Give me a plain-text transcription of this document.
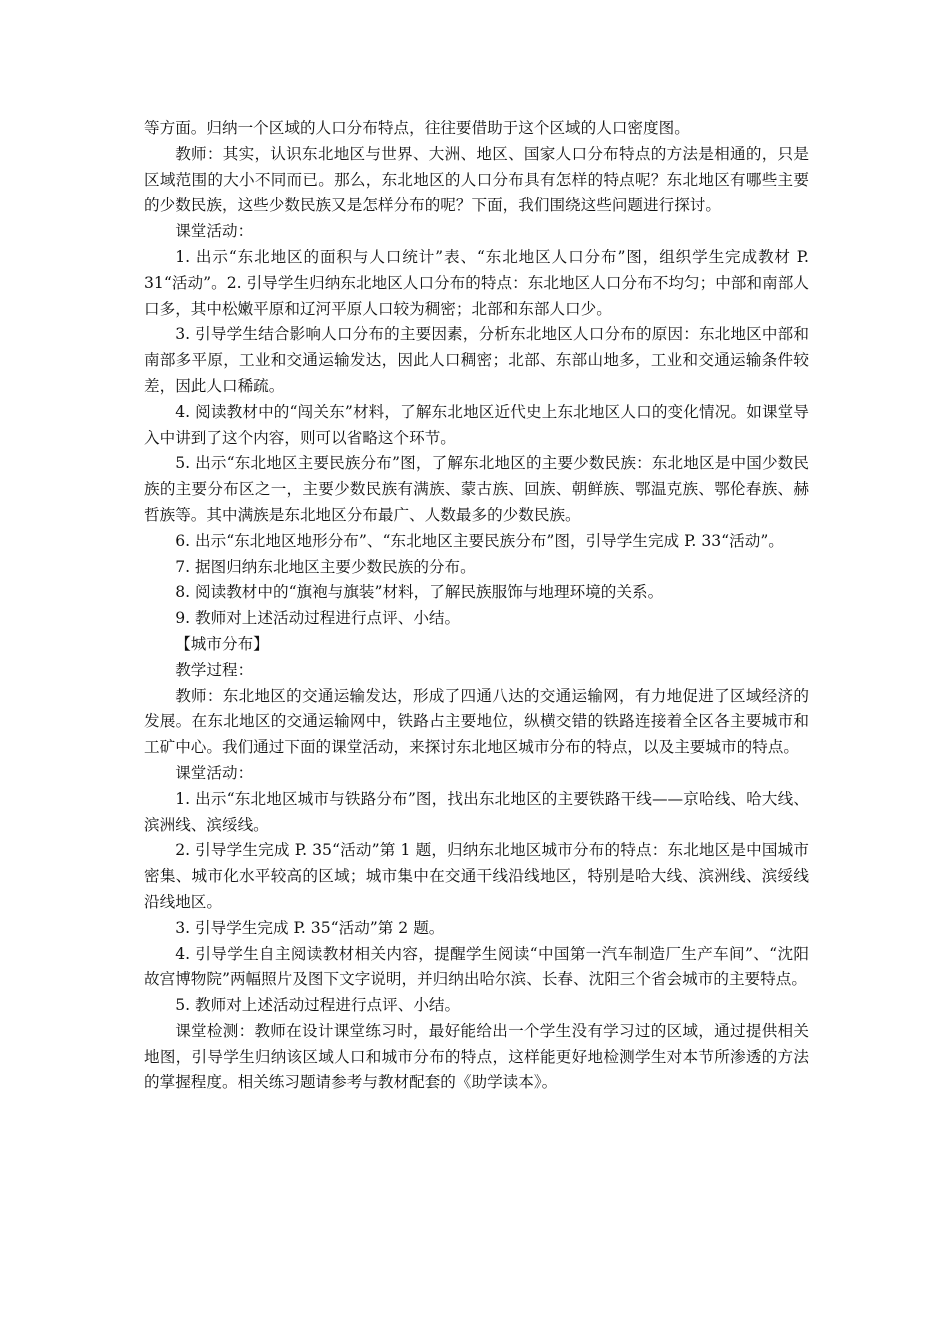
等方面。归纳一个区域的人口分布特点，往往要借助于这个区域的人口密度图。

教师：其实，认识东北地区与世界、大洲、地区、国家人口分布特点的方法是相通的，只是区域范围的大小不同而已。那么，东北地区的人口分布具有怎样的特点呢？东北地区有哪些主要的少数民族，这些少数民族又是怎样分布的呢？下面，我们围绕这些问题进行探讨。

课堂活动：

1. 出示“东北地区的面积与人口统计”表、“东北地区人口分布”图，组织学生完成教材 P. 31“活动”。2. 引导学生归纳东北地区人口分布的特点：东北地区人口分布不均匀；中部和南部人口多，其中松嫩平原和辽河平原人口较为稠密；北部和东部人口少。

3. 引导学生结合影响人口分布的主要因素，分析东北地区人口分布的原因：东北地区中部和南部多平原，工业和交通运输发达，因此人口稠密；北部、东部山地多，工业和交通运输条件较差，因此人口稀疏。

4. 阅读教材中的“闯关东”材料，了解东北地区近代史上东北地区人口的变化情况。如课堂导入中讲到了这个内容，则可以省略这个环节。

5. 出示“东北地区主要民族分布”图，了解东北地区的主要少数民族：东北地区是中国少数民族的主要分布区之一，主要少数民族有满族、蒙古族、回族、朝鲜族、鄂温克族、鄂伦春族、赫哲族等。其中满族是东北地区分布最广、人数最多的少数民族。

6. 出示“东北地区地形分布”、“东北地区主要民族分布”图，引导学生完成 P. 33“活动”。

7. 据图归纳东北地区主要少数民族的分布。

8. 阅读教材中的“旗袍与旗装”材料，了解民族服饰与地理环境的关系。

9. 教师对上述活动过程进行点评、小结。

【城市分布】

教学过程：

教师：东北地区的交通运输发达，形成了四通八达的交通运输网，有力地促进了区域经济的发展。在东北地区的交通运输网中，铁路占主要地位，纵横交错的铁路连接着全区各主要城市和工矿中心。我们通过下面的课堂活动，来探讨东北地区城市分布的特点，以及主要城市的特点。

课堂活动：

1. 出示“东北地区城市与铁路分布”图，找出东北地区的主要铁路干线——京哈线、哈大线、滨洲线、滨绥线。

2. 引导学生完成 P. 35“活动”第 1 题，归纳东北地区城市分布的特点：东北地区是中国城市密集、城市化水平较高的区域；城市集中在交通干线沿线地区，特别是哈大线、滨洲线、滨绥线沿线地区。

3. 引导学生完成 P. 35“活动”第 2 题。

4. 引导学生自主阅读教材相关内容，提醒学生阅读“中国第一汽车制造厂生产车间”、“沈阳故宫博物院”两幅照片及图下文字说明，并归纳出哈尔滨、长春、沈阳三个省会城市的主要特点。

5. 教师对上述活动过程进行点评、小结。

课堂检测：教师在设计课堂练习时，最好能给出一个学生没有学习过的区域，通过提供相关地图，引导学生归纳该区域人口和城市分布的特点，这样能更好地检测学生对本节所渗透的方法的掌握程度。相关练习题请参考与教材配套的《助学读本》。
